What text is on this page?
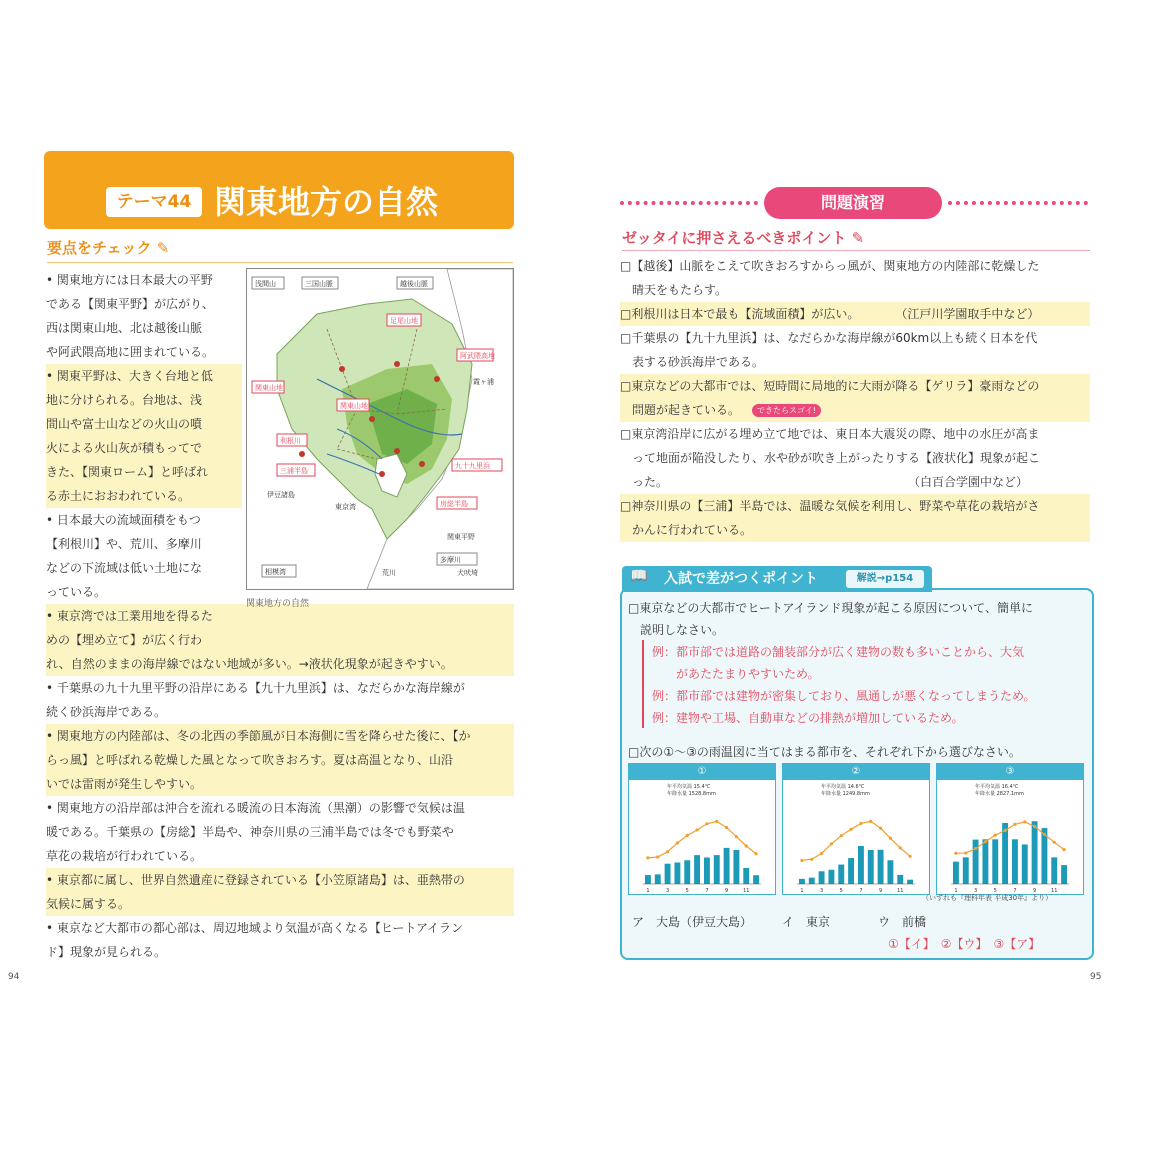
テーマ44 関東地方の自然
要点をチェック ✎
• 関東地方には日本最大の平野
である【関東平野】が広がり、
西は関東山地、北は越後山脈
や阿武隈高地に囲まれている。
• 関東平野は、大きく台地と低
地に分けられる。台地は、浅
間山や富士山などの火山の噴
火による火山灰が積もってで
きた、【関東ローム】と呼ばれ
る赤土におおわれている。
• 日本最大の流域面積をもつ
【利根川】や、荒川、多摩川
などの下流域は低い土地にな
っている。
• 東京湾では工業用地を得るた
めの【埋め立て】が広く行わ
れ、自然のままの海岸線ではない地域が多い。→液状化現象が起きやすい。
• 千葉県の九十九里平野の沿岸にある【九十九里浜】は、なだらかな海岸線が
続く砂浜海岸である。
• 関東地方の内陸部は、冬の北西の季節風が日本海側に雪を降らせた後に、【か
らっ風】と呼ばれる乾燥した風となって吹きおろす。夏は高温となり、山沿
いでは雷雨が発生しやすい。
• 関東地方の沿岸部は沖合を流れる暖流の日本海流（黒潮）の影響で気候は温
暖である。千葉県の【房総】半島や、神奈川県の三浦半島では冬でも野菜や
草花の栽培が行われている。
• 東京都に属し、世界自然遺産に登録されている【小笠原諸島】は、亜熱帯の
気候に属する。
• 東京など大都市の都心部は、周辺地域より気温が高くなる【ヒートアイラン
ド】現象が見られる。
浅間山	三国山脈	越後山脈
足尾山地
関東山地
関東山地
阿武隈高地
霞ヶ浦
利根川
九十九里浜
房総半島
三浦半島
東京湾
相模湾
伊豆諸島
関東平野
荒川
多摩川
犬吠埼
関東地方の自然
94
問題演習
ゼッタイに押さえるべきポイント ✎
□【越後】山脈をこえて吹きおろすからっ風が、関東地方の内陸部に乾燥した
　晴天をもたらす。
□利根川は日本で最も【流域面積】が広い。　　　　（江戸川学園取手中など）
□千葉県の【九十九里浜】は、なだらかな海岸線が60km以上も続く日本を代
　表する砂浜海岸である。
□東京などの大都市では、短時間に局地的に大雨が降る【ゲリラ】豪雨などの
　問題が起きている。
□東京湾沿岸に広がる埋め立て地では、東日本大震災の際、地中の水圧が高ま
　って地面が陥没したり、水や砂が吹き上がったりする【液状化】現象が起こ
　った。　　　　　　　　　　　　　　　　　　　　　（白百合学園中など）
□神奈川県の【三浦】半島では、温暖な気候を利用し、野菜や草花の栽培がさ
　かんに行われている。
できたらスゴイ!
📖 入試で差がつくポイント	解説→p154
□東京などの大都市でヒートアイランド現象が起こる原因について、簡単に
　説明しなさい。
例：都市部では道路の舗装部分が広く建物の数も多いことから、大気
　　があたたまりやすいため。
例：都市部では建物が密集しており、風通しが悪くなってしまうため。
例：建物や工場、自動車などの排熱が増加しているため。
□次の①～③の雨温図に当てはまる都市を、それぞれ下から選びなさい。
①
年平均気温 15.4℃
年降水量 1528.8mm
1	3	5	7	9	11
②
年平均気温 14.6℃
年降水量 1249.8mm
1	3	5	7	9	11
③
年平均気温 16.4℃
年降水量 2827.1mm
1	3	5	7	9	11
（いずれも『理科年表 平成30年』より）
ア　大島（伊豆大島）　　　イ　東京　　　　ウ　前橋
①【イ】　②【ウ】　③【ア】
95
